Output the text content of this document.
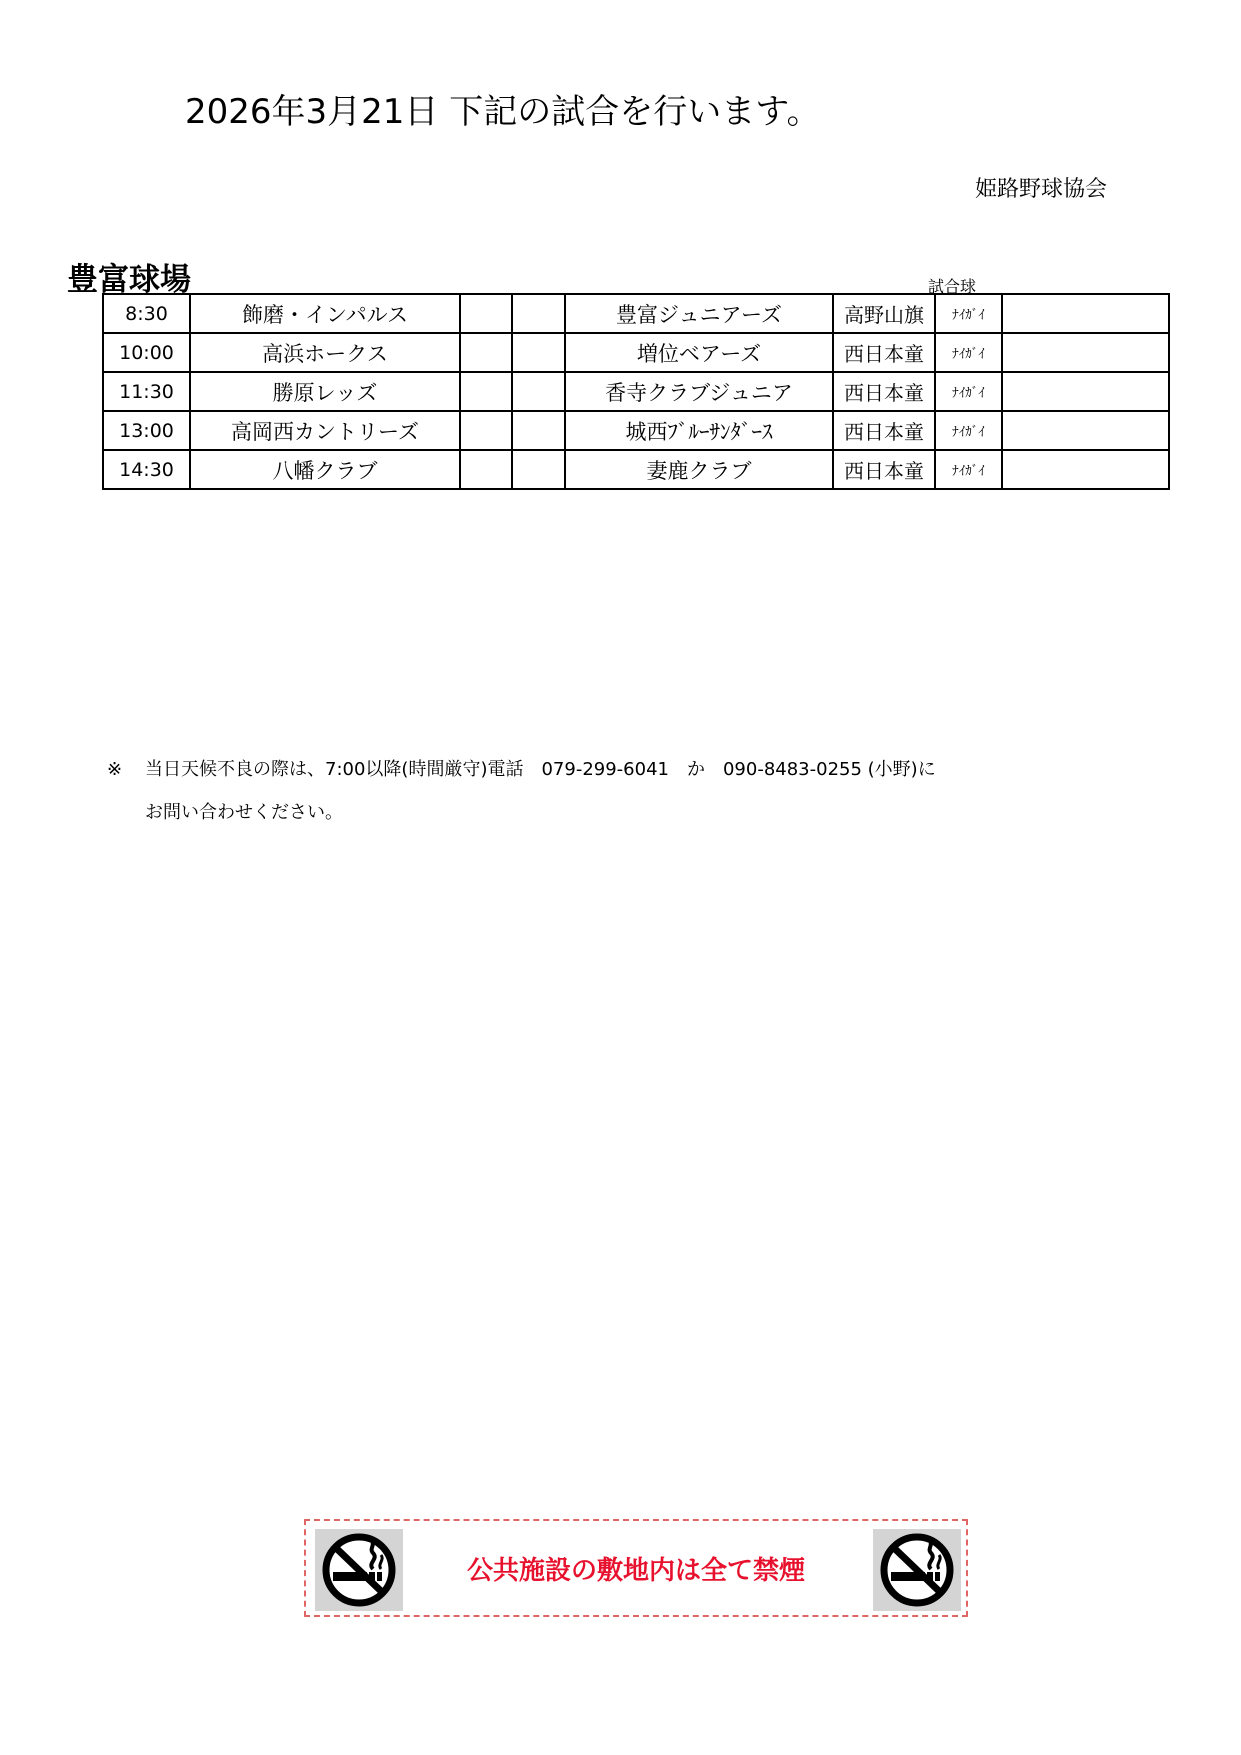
2026年3月21日 下記の試合を行います。
姫路野球協会
豊富球場	試合球
8:30	飾磨・インパルス			豊富ジュニアーズ	高野山旗	ﾅｲｶﾞｲ	
10:00	高浜ホークス			増位ベアーズ	西日本童	ﾅｲｶﾞｲ	
11:30	勝原レッズ			香寺クラブジュニア	西日本童	ﾅｲｶﾞｲ	
13:00	高岡西カントリーズ			城西ﾌﾞﾙｰｻﾝﾀﾞｰｽ	西日本童	ﾅｲｶﾞｲ	
14:30	八幡クラブ			妻鹿クラブ	西日本童	ﾅｲｶﾞｲ	
※ 当日天候不良の際は、7:00以降(時間厳守)電話　079-299-6041　か　090-8483-0255 (小野)に
お問い合わせください。
公共施設の敷地内は全て禁煙
